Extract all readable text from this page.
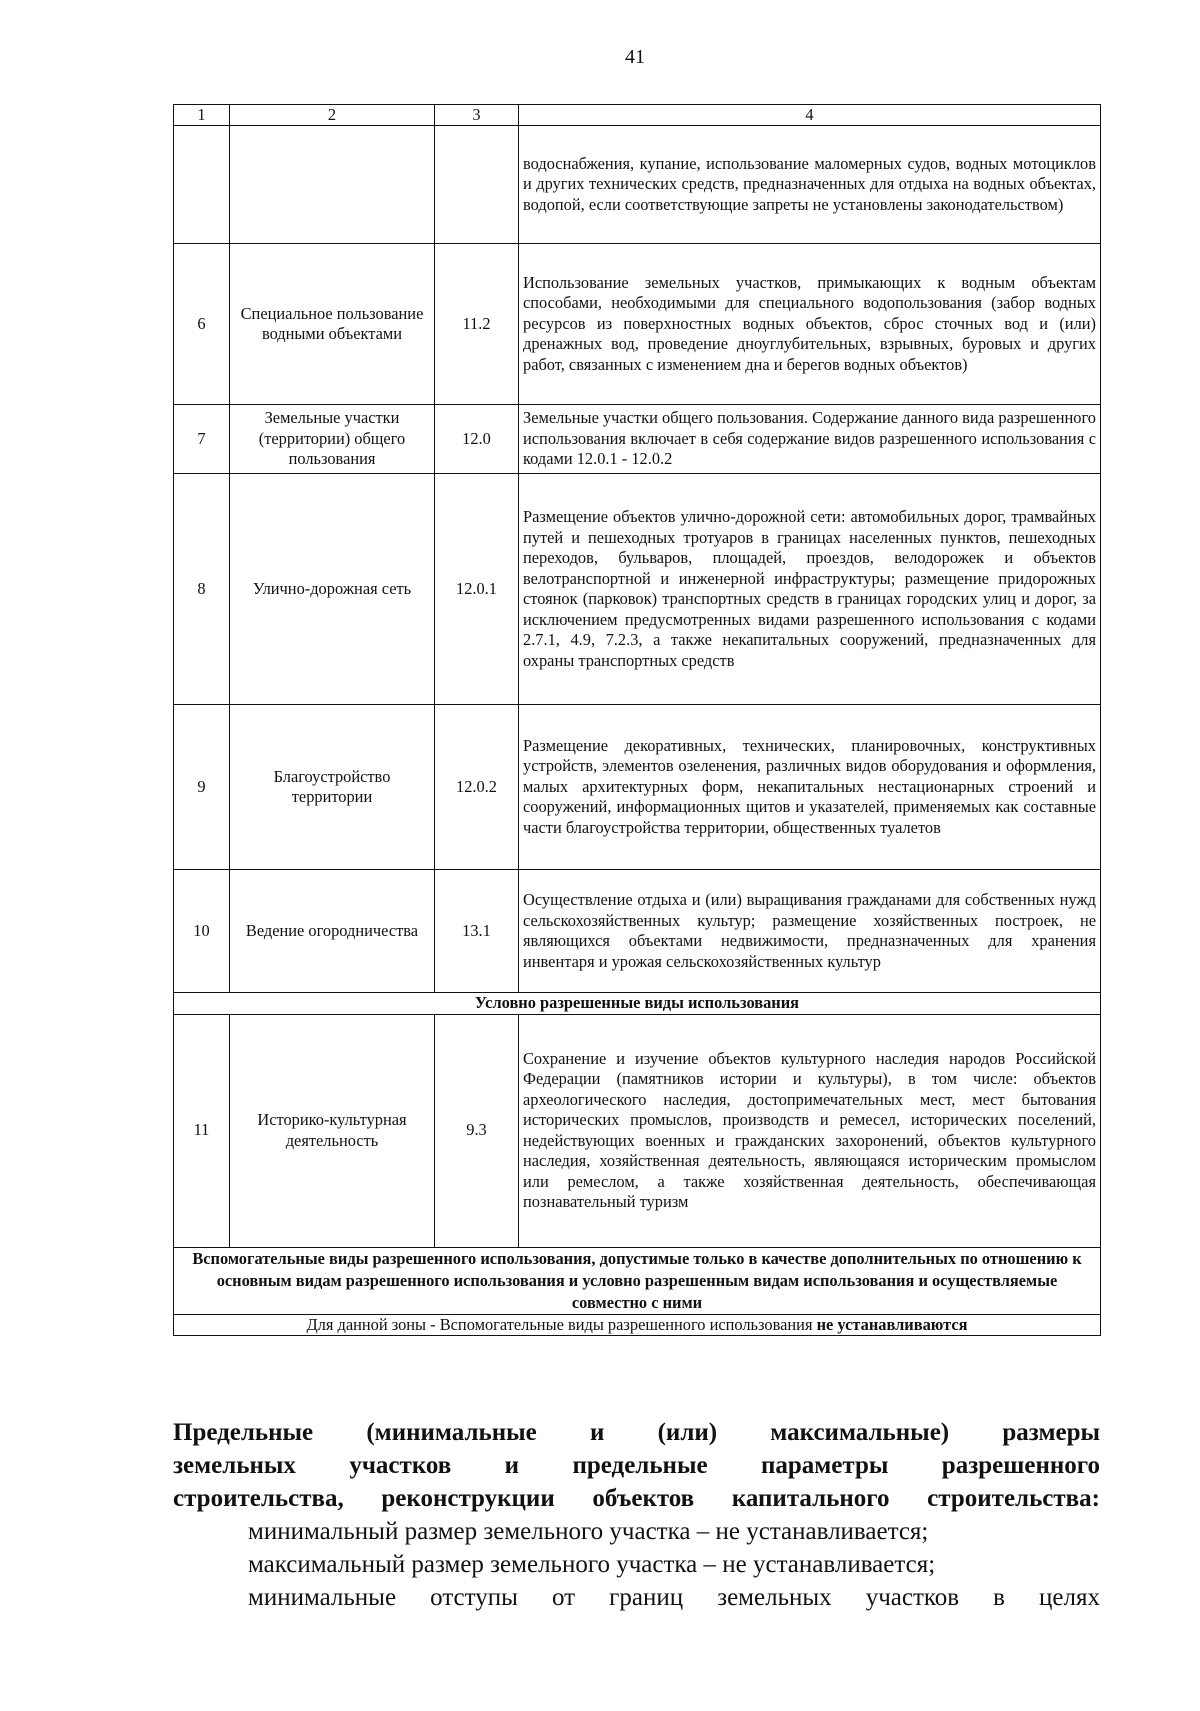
41
1	2	3	4
			водоснабжения, купание, использование маломерных судов, водных мотоциклов и других технических средств, предназначенных для отдыха на водных объектах, водопой, если соответствующие запреты не установлены законодательством)
6	Специальное пользование водными объектами	11.2	Использование земельных участков, примыкающих к водным объектам способами, необходимыми для специального водопользования (забор водных ресурсов из поверхностных водных объектов, сброс сточных вод и (или) дренажных вод, проведение дноуглубительных, взрывных, буровых и других работ, связанных с изменением дна и берегов водных объектов)
7	Земельные участки (территории) общего пользования	12.0	Земельные участки общего пользования. Содержание данного вида разрешенного использования включает в себя содержание видов разрешенного использования с кодами 12.0.1 - 12.0.2
8	Улично-дорожная сеть	12.0.1	Размещение объектов улично-дорожной сети: автомобильных дорог, трамвайных путей и пешеходных тротуаров в границах населенных пунктов, пешеходных переходов, бульваров, площадей, проездов, велодорожек и объектов велотранспортной и инженерной инфраструктуры; размещение придорожных стоянок (парковок) транспортных средств в границах городских улиц и дорог, за исключением предусмотренных видами разрешенного использования с кодами 2.7.1, 4.9, 7.2.3, а также некапитальных сооружений, предназначенных для охраны транспортных средств
9	Благоустройство территории	12.0.2	Размещение декоративных, технических, планировочных, конструктивных устройств, элементов озеленения, различных видов оборудования и оформления, малых архитектурных форм, некапитальных нестационарных строений и сооружений, информационных щитов и указателей, применяемых как составные части благоустройства территории, общественных туалетов
10	Ведение огородничества	13.1	Осуществление отдыха и (или) выращивания гражданами для собственных нужд сельскохозяйственных культур; размещение хозяйственных построек, не являющихся объектами недвижимости, предназначенных для хранения инвентаря и урожая сельскохозяйственных культур
Условно разрешенные виды использования			
11	Историко-культурная деятельность	9.3	Сохранение и изучение объектов культурного наследия народов Российской Федерации (памятников истории и культуры), в том числе: объектов археологического наследия, достопримечательных мест, мест бытования исторических промыслов, производств и ремесел, исторических поселений, недействующих военных и гражданских захоронений, объектов культурного наследия, хозяйственная деятельность, являющаяся историческим промыслом или ремеслом, а также хозяйственная деятельность, обеспечивающая познавательный туризм
Вспомогательные виды разрешенного использования, допустимые только в качестве дополнительных по отношению к основным видам разрешенного использования и условно разрешенным видам использования и осуществляемые совместно с ними			
Для данной зоны - Вспомогательные виды разрешенного использования не устанавливаются			
Предельные (минимальные и (или) максимальные) размеры
земельных участков и предельные параметры разрешенного
строительства, реконструкции объектов капитального строительства:
минимальный размер земельного участка – не устанавливается;
максимальный размер земельного участка – не устанавливается;
минимальные отступы от границ земельных участков в целях
